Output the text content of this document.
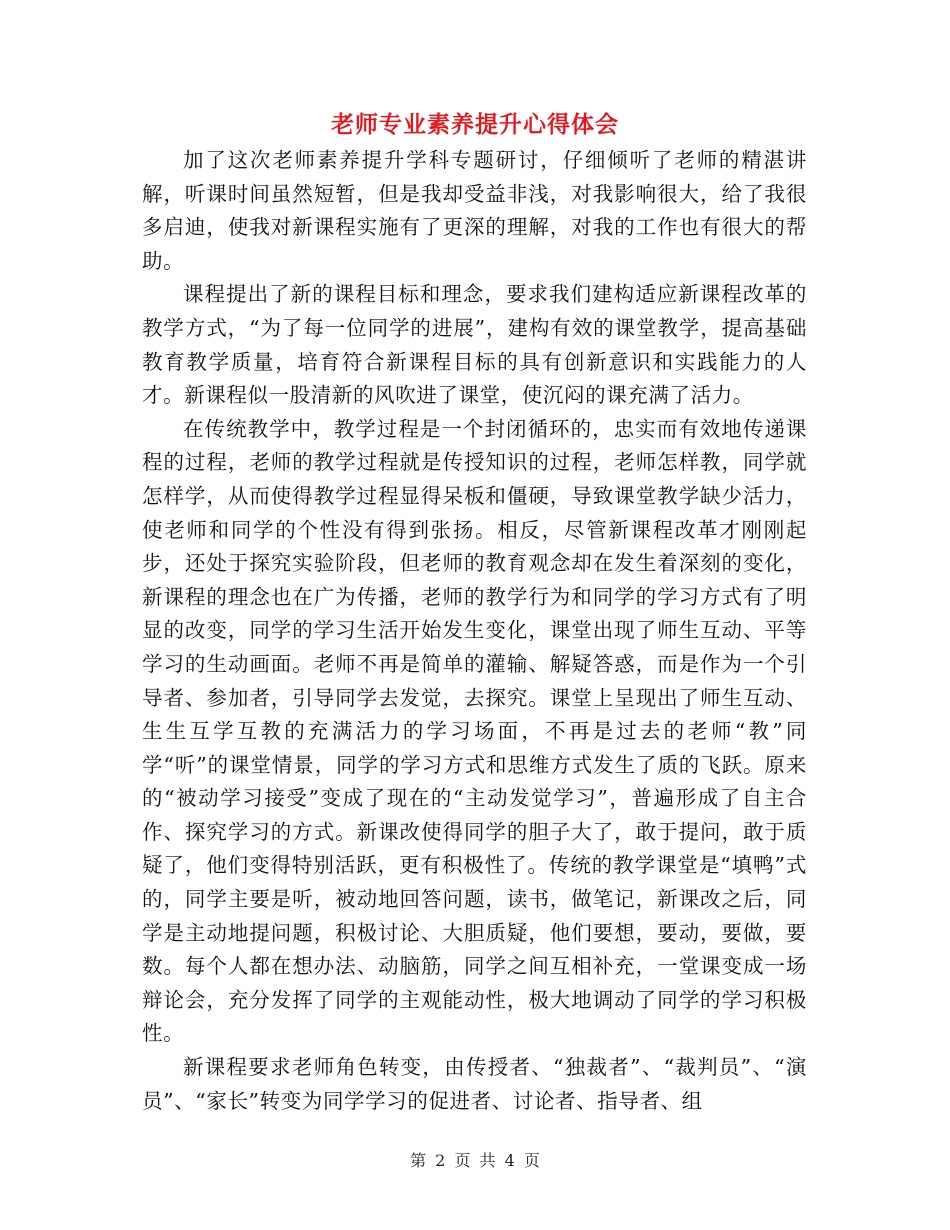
老师专业素养提升心得体会

加了这次老师素养提升学科专题研讨，仔细倾听了老师的精湛讲解，听课时间虽然短暂，但是我却受益非浅，对我影响很大，给了我很多启迪，使我对新课程实施有了更深的理解，对我的工作也有很大的帮助。

课程提出了新的课程目标和理念，要求我们建构适应新课程改革的教学方式，“为了每一位同学的进展”，建构有效的课堂教学，提高基础教育教学质量，培育符合新课程目标的具有创新意识和实践能力的人才。新课程似一股清新的风吹进了课堂，使沉闷的课充满了活力。

在传统教学中，教学过程是一个封闭循环的，忠实而有效地传递课程的过程，老师的教学过程就是传授知识的过程，老师怎样教，同学就怎样学，从而使得教学过程显得呆板和僵硬，导致课堂教学缺少活力，使老师和同学的个性没有得到张扬。相反，尽管新课程改革才刚刚起步，还处于探究实验阶段，但老师的教育观念却在发生着深刻的变化，新课程的理念也在广为传播，老师的教学行为和同学的学习方式有了明显的改变，同学的学习生活开始发生变化，课堂出现了师生互动、平等学习的生动画面。老师不再是简单的灌输、解疑答惑，而是作为一个引导者、参加者，引导同学去发觉，去探究。课堂上呈现出了师生互动、生生互学互教的充满活力的学习场面，不再是过去的老师“教”同学“听”的课堂情景，同学的学习方式和思维方式发生了质的飞跃。原来的“被动学习接受”变成了现在的“主动发觉学习”，普遍形成了自主合作、探究学习的方式。新课改使得同学的胆子大了，敢于提问，敢于质疑了，他们变得特别活跃，更有积极性了。传统的教学课堂是“填鸭”式的，同学主要是听，被动地回答问题，读书，做笔记，新课改之后，同学是主动地提问题，积极讨论、大胆质疑，他们要想，要动，要做，要数。每个人都在想办法、动脑筋，同学之间互相补充，一堂课变成一场辩论会，充分发挥了同学的主观能动性，极大地调动了同学的学习积极性。

新课程要求老师角色转变，由传授者、“独裁者”、“裁判员”、“演员”、“家长”转变为同学学习的促进者、讨论者、指导者、组

第 2 页 共 4 页
